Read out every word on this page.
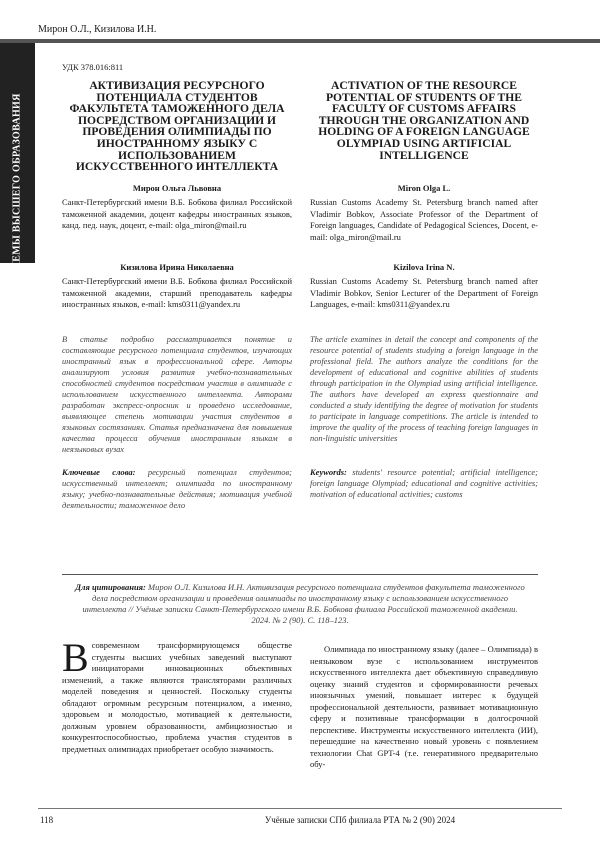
Мирон О.Л., Кизилова И.Н.
ПРОБЛЕМЫ ВЫСШЕГО ОБРАЗОВАНИЯ
УДК 378.016:811
АКТИВИЗАЦИЯ РЕСУРСНОГО ПОТЕНЦИАЛА СТУДЕНТОВ ФАКУЛЬТЕТА ТАМОЖЕННОГО ДЕЛА ПОСРЕДСТВОМ ОРГАНИЗАЦИИ И ПРОВЕДЕНИЯ ОЛИМПИАДЫ ПО ИНОСТРАННОМУ ЯЗЫКУ С ИСПОЛЬЗОВАНИЕМ ИСКУССТВЕННОГО ИНТЕЛЛЕКТА
ACTIVATION OF THE RESOURCE POTENTIAL OF STUDENTS OF THE FACULTY OF CUSTOMS AFFAIRS THROUGH THE ORGANIZATION AND HOLDING OF A FOREIGN LANGUAGE OLYMPIAD USING ARTIFICIAL INTELLIGENCE
Мирон Ольга Львовна
Санкт-Петербургский имени В.Б. Бобкова филиал Российской таможенной академии, доцент кафедры иностранных языков, канд. пед. наук, доцент, e-mail: olga_miron@mail.ru
Miron Olga L.
Russian Customs Academy St. Petersburg branch named after Vladimir Bobkov, Associate Professor of the Department of Foreign languages, Candidate of Pedagogical Sciences, Docent, e-mail: olga_miron@mail.ru
Кизилова Ирина Николаевна
Санкт-Петербургский имени В.Б. Бобкова филиал Российской таможенной академии, старший преподаватель кафедры иностранных языков, e-mail: kms0311@yandex.ru
Kizilova Irina N.
Russian Customs Academy St. Petersburg branch named after Vladimir Bobkov, Senior Lecturer of the Department of Foreign Languages, e-mail: kms0311@yandex.ru
В статье подробно рассматривается понятие и составляющие ресурсного потенциала студентов, изучающих иностранный язык в профессиональной сфере. Авторы анализируют условия развития учебно-познавательных способностей студентов посредством участия в олимпиаде с использованием искусственного интеллекта. Авторами разработан экспресс-опросник и проведено исследование, выявляющее степень мотивации участия студентов в языковых состязаниях. Статья предназначена для повышения качества процесса обучения иностранным языкам в неязыковых вузах
The article examines in detail the concept and components of the resource potential of students studying a foreign language in the professional field. The authors analyze the conditions for the development of educational and cognitive abilities of students through participation in the Olympiad using artificial intelligence. The authors have developed an express questionnaire and conducted a study identifying the degree of motivation for students to participate in language competitions. The article is intended to improve the quality of the process of teaching foreign languages in non-linguistic universities
Ключевые слова: ресурсный потенциал студентов; искусственный интеллект; олимпиада по иностранному языку; учебно-познавательные действия; мотивация учебной деятельности; таможенное дело
Keywords: students' resource potential; artificial intelligence; foreign language Olympiad; educational and cognitive activities; motivation of educational activities; customs
Для цитирования: Мирон О.Л. Кизилова И.Н. Активизация ресурсного потенциала студентов факультета таможенного дела посредством организации и проведения олимпиады по иностранному языку с использованием искусственного интеллекта // Учёные записки Санкт-Петербургского имени В.Б. Бобкова филиала Российской таможенной академии. 2024. № 2 (90). С. 118–123.
Всовременном трансформирующемся обществе студенты высших учебных заведений выступают инициаторами инновационных объективных изменений, а также являются трансляторами различных моделей поведения и ценностей. Поскольку студенты обладают огромным ресурсным потенциалом, а именно, здоровьем и молодостью, мотивацией к деятельности, должным уровнем образованности, амбициозностью и конкурентоспособностью, проблема участия студентов в предметных олимпиадах приобретает особую значимость.
Олимпиада по иностранному языку (далее – Олимпиада) в неязыковом вузе с использованием инструментов искусственного интеллекта дает объективную справедливую оценку знаний студентов и сформированности речевых иноязычных умений, повышает интерес к будущей профессиональной деятельности, развивает мотивационную сферу и позитивные трансформации в долгосрочной перспективе. Инструменты искусственного интеллекта (ИИ), перешедшие на качественно новый уровень с появлением технологии Chat GPT-4 (т.е. генеративного предварительно обу-
118	Учёные записки СПб филиала РТА № 2 (90) 2024
